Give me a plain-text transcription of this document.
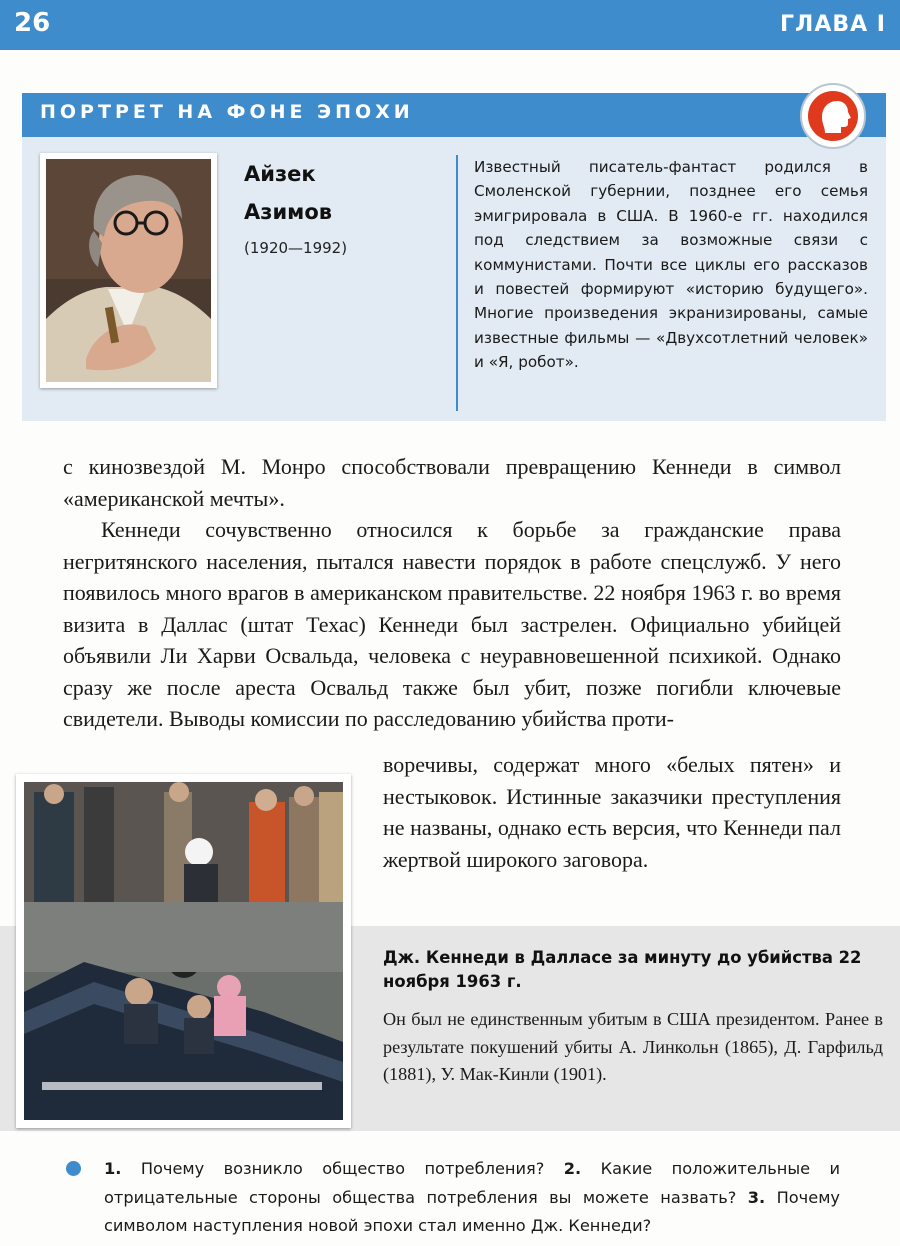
26	ГЛАВА I
ПОРТРЕТ НА ФОНЕ ЭПОХИ
Айзек
Азимов
(1920—1992)
Известный писатель-фантаст родился в Смоленской губернии, позднее его семья эмигрировала в США. В 1960-е гг. находился под следствием за возможные связи с коммунистами. Почти все циклы его рассказов и повестей формируют «историю будущего». Многие произведения экранизированы, самые известные фильмы — «Двухсотлетний человек» и «Я, робот».

с кинозвездой М. Монро способствовали превращению Кеннеди в символ «американской мечты».

Кеннеди сочувственно относился к борьбе за гражданские права негритянского населения, пытался навести порядок в работе спецслужб. У него появилось много врагов в американском правительстве. 22 ноября 1963 г. во время визита в Даллас (штат Техас) Кеннеди был застрелен. Официально убийцей объявили Ли Харви Освальда, человека с неуравновешенной психикой. Однако сразу же после ареста Освальд также был убит, позже погибли ключевые свидетели. Выводы комиссии по расследованию убийства проти-

воречивы, содержат много «белых пятен» и нестыковок. Истинные заказчики преступления не названы, однако есть версия, что Кеннеди пал жертвой широкого заговора.
Дж. Кеннеди в Далласе за минуту до убийства 22 ноября 1963 г.
Он был не единственным убитым в США президентом. Ранее в результате покушений убиты А. Линкольн (1865), Д. Гарфильд (1881), У. Мак-Кинли (1901).
1. Почему возникло общество потребления? 2. Какие положительные и отрицательные стороны общества потребления вы можете назвать? 3. Почему символом наступления новой эпохи стал именно Дж. Кеннеди?
